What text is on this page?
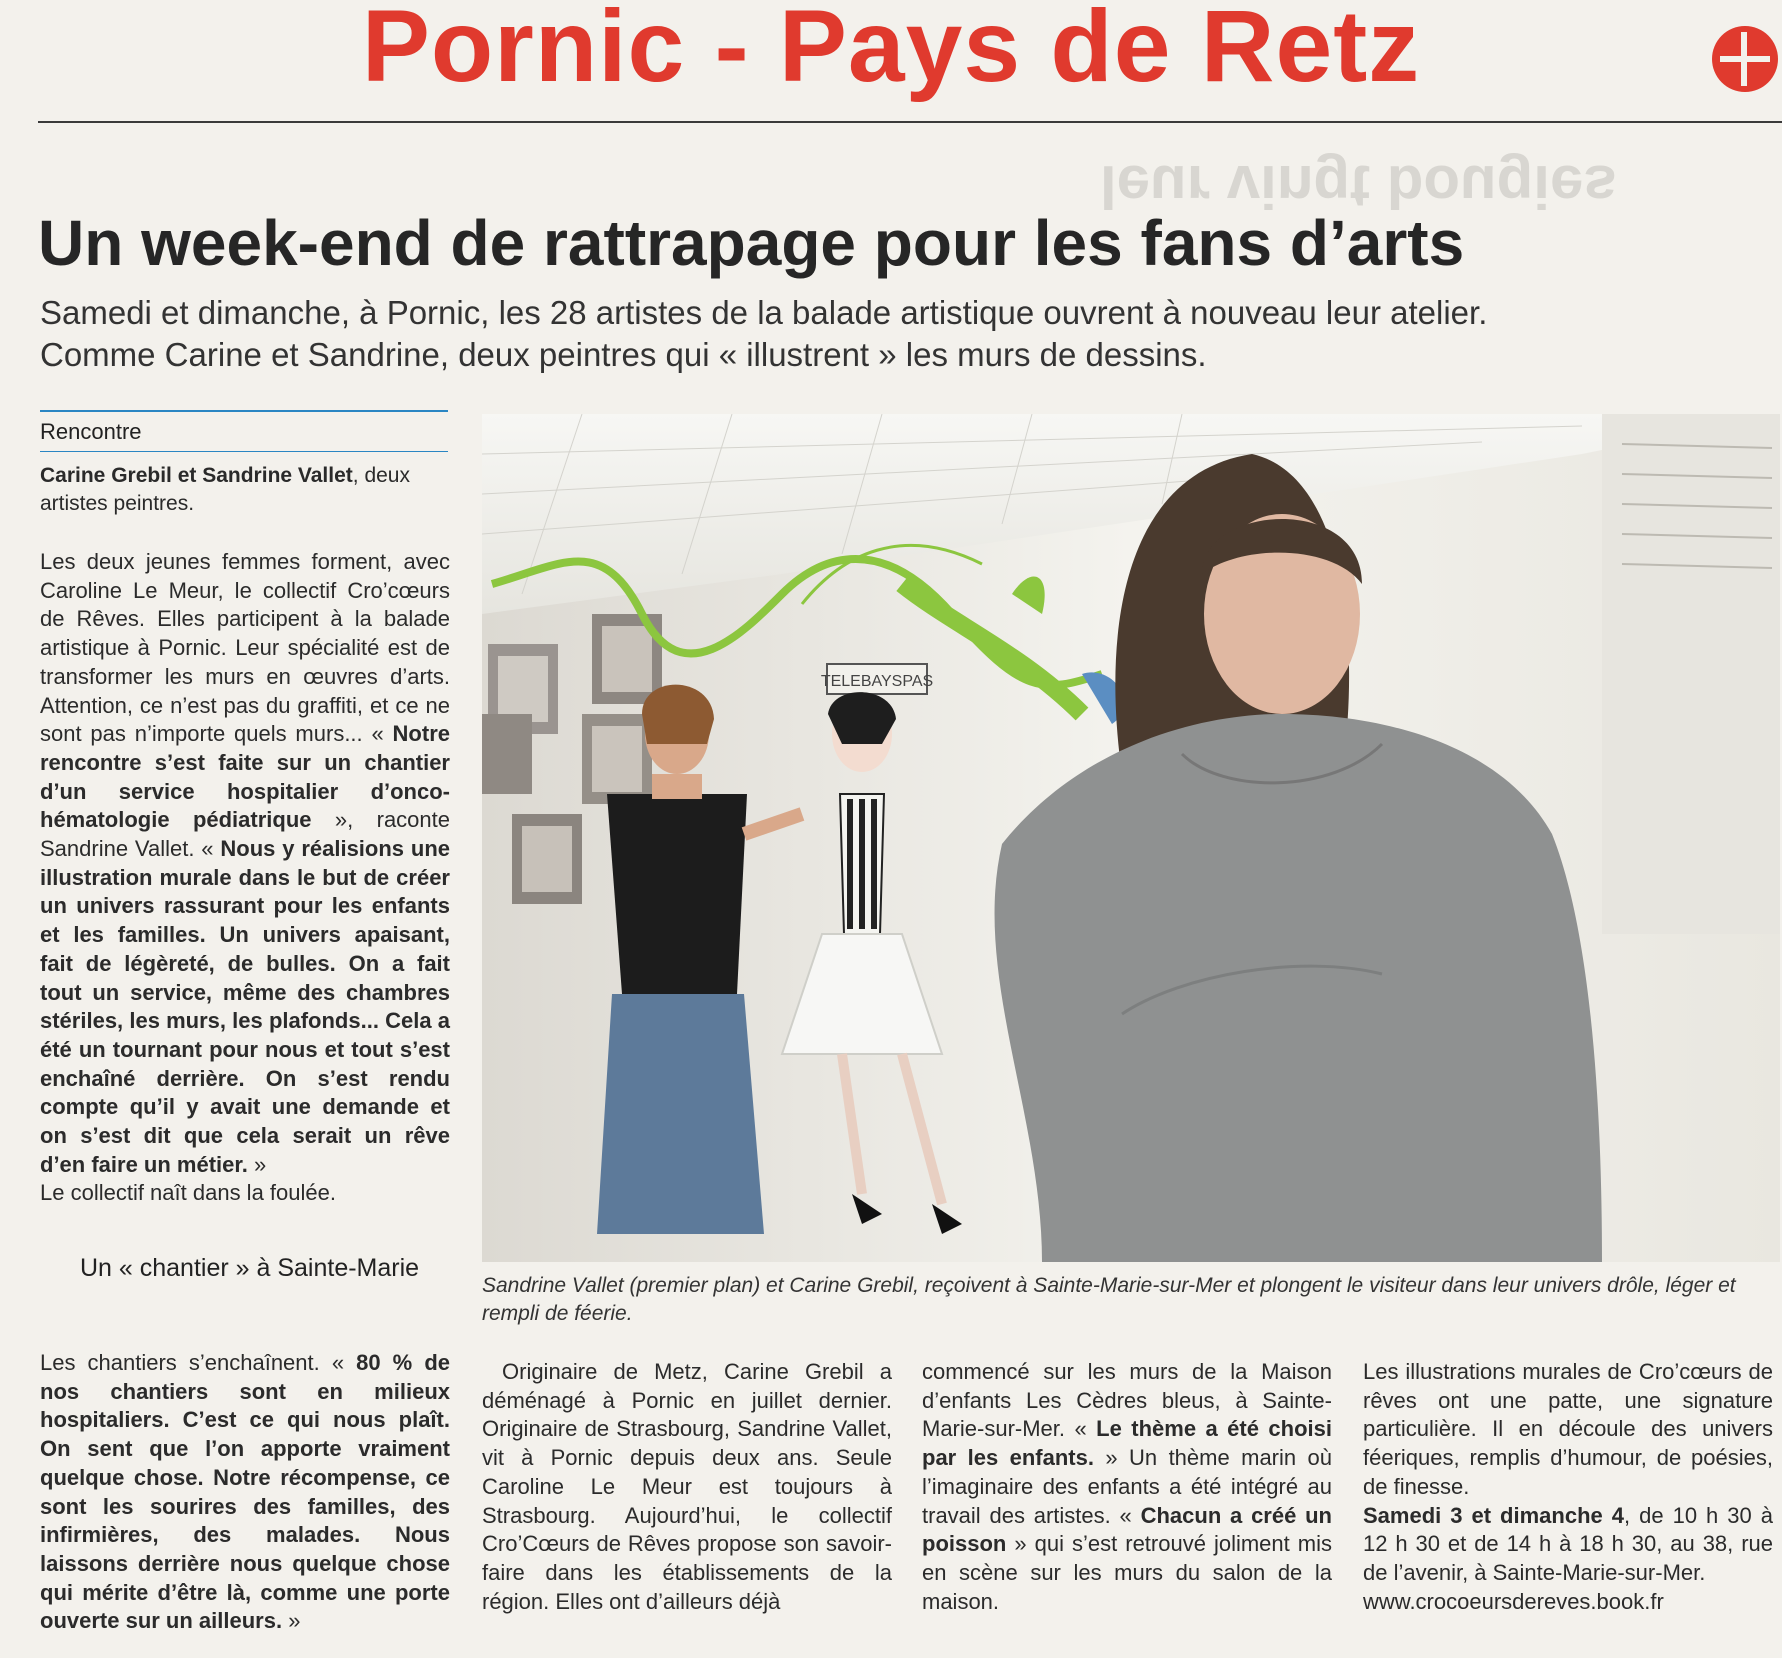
Pornic - Pays de Retz
leur vingt bougies
Un week-end de rattrapage pour les fans d’arts
Samedi et dimanche, à Pornic, les 28 artistes de la balade artistique ouvrent à nouveau leur atelier.
Comme Carine et Sandrine, deux peintres qui « illustrent » les murs de dessins.
Rencontre
Carine Grebil et Sandrine Vallet, deux artistes peintres.

Les deux jeunes femmes forment, avec Caroline Le Meur, le collectif Cro’cœurs de Rêves. Elles participent à la balade artistique à Pornic. Leur spécialité est de transformer les murs en œuvres d’arts. Attention, ce n’est pas du graffiti, et ce ne sont pas n’importe quels murs... « Notre rencontre s’est faite sur un chantier d’un service hospitalier d’onco-hématologie pédiatrique », raconte Sandrine Vallet. « Nous y réalisions une illustration murale dans le but de créer un univers rassurant pour les enfants et les familles. Un univers apaisant, fait de légèreté, de bulles. On a fait tout un service, même des chambres stériles, les murs, les plafonds... Cela a été un tournant pour nous et tout s’est enchaîné derrière. On s’est rendu compte qu’il y avait une demande et on s’est dit que cela serait un rêve d’en faire un métier. »

Le collectif naît dans la foulée.

Un « chantier » à Sainte-Marie

Les chantiers s’enchaînent. « 80 % de nos chantiers sont en milieux hospitaliers. C’est ce qui nous plaît. On sent que l’on apporte vraiment quelque chose. Notre récompense, ce sont les sourires des familles, des infirmières, des malades. Nous laissons derrière nous quelque chose qui mérite d’être là, comme une porte ouverte sur un ailleurs. »

TELEBAYSPAS
Sandrine Vallet (premier plan) et Carine Grebil, reçoivent à Sainte-Marie-sur-Mer et plongent le visiteur dans leur univers drôle, léger et rempli de féerie.

Originaire de Metz, Carine Grebil a déménagé à Pornic en juillet dernier. Originaire de Strasbourg, Sandrine Vallet, vit à Pornic depuis deux ans. Seule Caroline Le Meur est toujours à Strasbourg. Aujourd’hui, le collectif Cro’Cœurs de Rêves propose son savoir-faire dans les établissements de la région. Elles ont d’ailleurs déjà

commencé sur les murs de la Maison d’enfants Les Cèdres bleus, à Sainte-Marie-sur-Mer. « Le thème a été choisi par les enfants. » Un thème marin où l’imaginaire des enfants a été intégré au travail des artistes. « Chacun a créé un poisson » qui s’est retrouvé joliment mis en scène sur les murs du salon de la maison.

Les illustrations murales de Cro’cœurs de rêves ont une patte, une signature particulière. Il en découle des univers féeriques, remplis d’humour, de poésies, de finesse.

Samedi 3 et dimanche 4, de 10 h 30 à 12 h 30 et de 14 h à 18 h 30, au 38, rue de l’avenir, à Sainte-Marie-sur-Mer.

www.crocoeursdereves.book.fr
